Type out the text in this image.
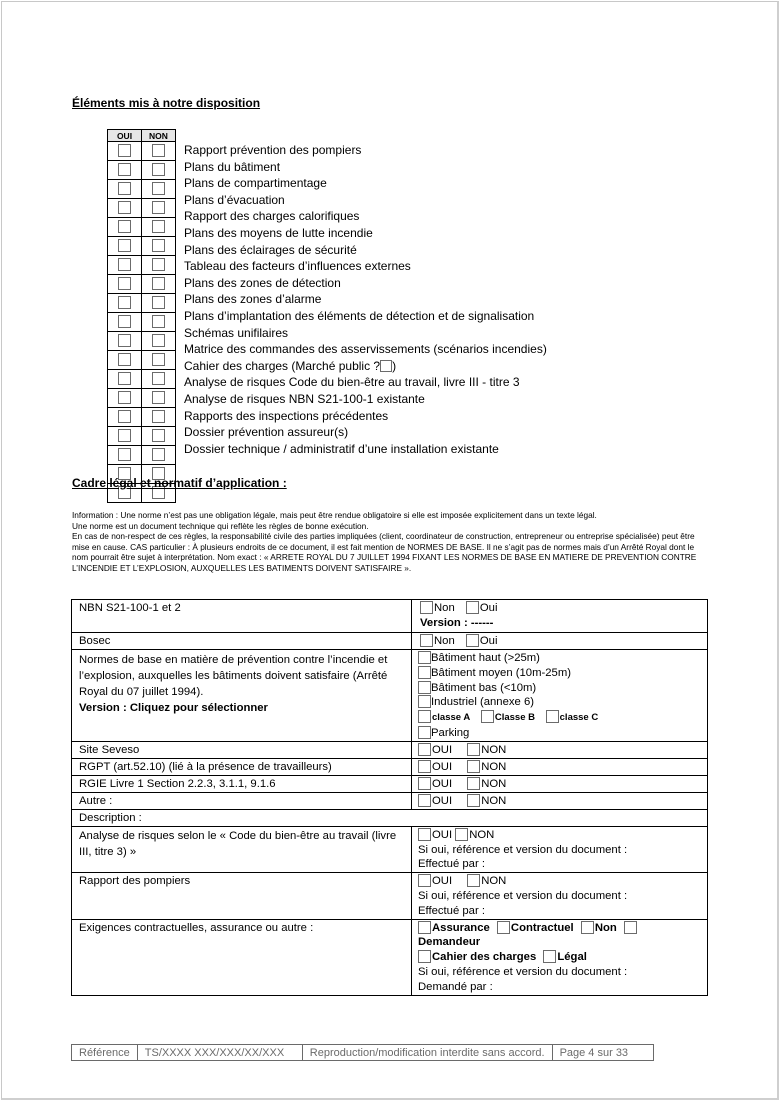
Éléments mis à notre disposition
OUI	NON

Rapport prévention des pompiers
Plans du bâtiment
Plans de compartimentage
Plans d’évacuation
Rapport des charges calorifiques
Plans des moyens de lutte incendie
Plans des éclairages de sécurité
Tableau des facteurs d’influences externes
Plans des zones de détection
Plans des zones d’alarme
Plans d’implantation des éléments de détection et de signalisation
Schémas unifilaires
Matrice des commandes des asservissements (scénarios incendies)
Cahier des charges (Marché public ? )
Analyse de risques Code du bien-être au travail, livre III - titre 3
Analyse de risques NBN S21-100-1 existante
Rapports des inspections précédentes
Dossier prévention assureur(s)
Dossier technique / administratif d’une installation existante
Cadre légal et normatif d’application :
Information : Une norme n’est pas une obligation légale, mais peut être rendue obligatoire si elle est imposée explicitement dans un texte légal.
Une norme est un document technique qui reflète les règles de bonne exécution.
En cas de non-respect de ces règles, la responsabilité civile des parties impliquées (client, coordinateur de construction, entrepreneur ou entreprise spécialisée) peut être mise en cause. CAS particulier : À plusieurs endroits de ce document, il est fait mention de NORMES DE BASE. Il ne s’agit pas de normes mais d’un Arrêté Royal dont le nom pourrait être sujet à interprétation. Nom exact : « ARRETE ROYAL DU 7 JUILLET 1994 FIXANT LES NORMES DE BASE EN MATIERE DE PREVENTION CONTRE L’INCENDIE ET L’EXPLOSION, AUXQUELLES LES BATIMENTS DOIVENT SATISFAIRE ».
NBN S21-100-1 et 2	Non Oui
Version : ------

Bosec	Non Oui

Normes de base en matière de prévention contre l’incendie et l’explosion, auxquelles les bâtiments doivent satisfaire (Arrêté Royal du 07 juillet 1994).
Version : Cliquez pour sélectionner

Bâtiment haut (>25m)
Bâtiment moyen (10m-25m)
Bâtiment bas (<10m)
Industriel (annexe 6)
classe A	Classe B	classe C
Parking

Site Seveso	OUI NON
RGPT (art.52.10) (lié à la présence de travailleurs)	OUI NON
RGIE Livre 1 Section 2.2.3, 3.1.1, 9.1.6	OUI NON
Autre :	OUI NON
Description :	
Analyse de risques selon le « Code du bien-être au travail (livre III, titre 3) »	OUI NON
Si oui, référence et version du document :
Effectué par :

Rapport des pompiers	OUI NON
Si oui, référence et version du document :
Effectué par :

Exigences contractuelles, assurance ou autre :	Assurance Contractuel Non
Demandeur
Cahier des charges Légal
Si oui, référence et version du document :
Demandé par :
Référence	TS/XXXX XXX/XXX/XX/XXX	Reproduction/modification interdite sans accord.	Page 4 sur 33
